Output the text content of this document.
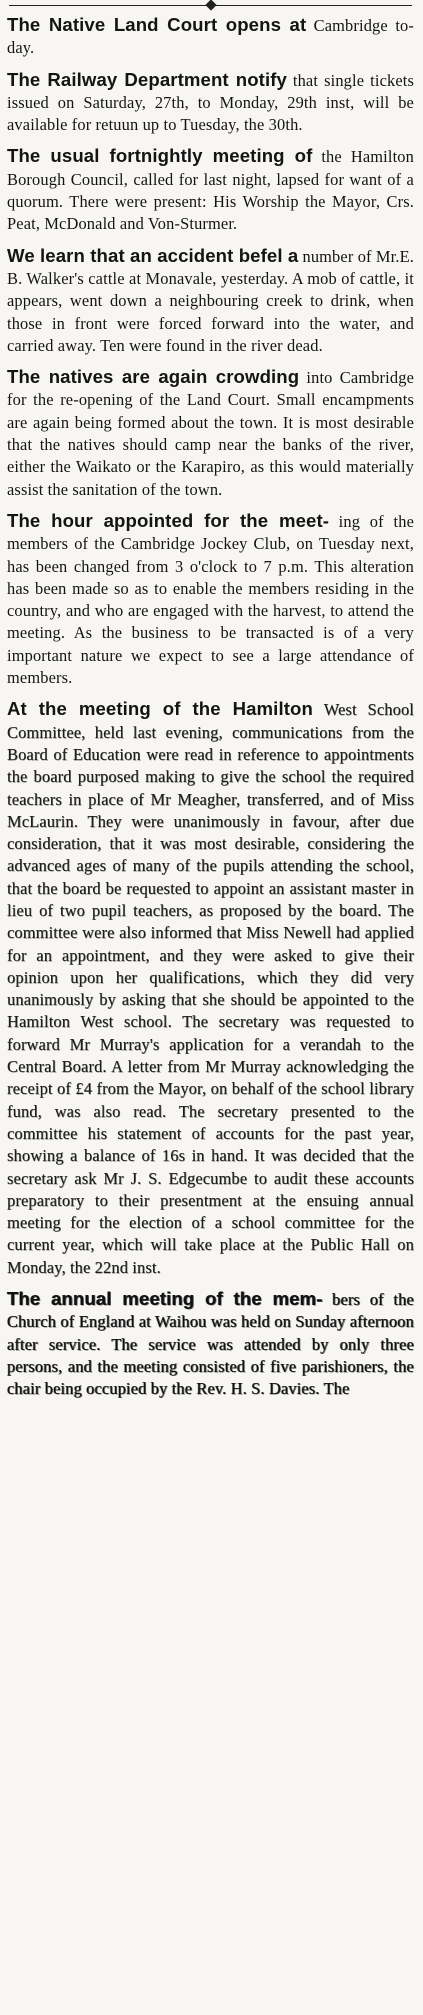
The Native Land Court opens at Cambridge to-day.

The Railway Department notify that single tickets issued on Saturday, 27th, to Monday, 29th inst, will be available for retuun up to Tuesday, the 30th.

The usual fortnightly meeting of the Hamilton Borough Council, called for last night, lapsed for want of a quorum. There were present: His Worship the Mayor, Crs. Peat, McDonald and Von-Sturmer.

We learn that an accident befel a number of Mr.E. B. Walker's cattle at Monavale, yesterday. A mob of cattle, it appears, went down a neighbouring creek to drink, when those in front were forced forward into the water, and carried away. Ten were found in the river dead.

The natives are again crowding into Cambridge for the re-opening of the Land Court. Small encampments are again being formed about the town. It is most desirable that the natives should camp near the banks of the river, either the Waikato or the Karapiro, as this would materially assist the sanitation of the town.

The hour appointed for the meet- ing of the members of the Cambridge Jockey Club, on Tuesday next, has been changed from 3 o'clock to 7 p.m. This alteration has been made so as to enable the members residing in the country, and who are engaged with the harvest, to attend the meeting. As the business to be transacted is of a very important nature we expect to see a large attendance of members.

At the meeting of the Hamilton West School Committee, held last evening, communications from the Board of Education were read in reference to appointments the board purposed making to give the school the required teachers in place of Mr Meagher, transferred, and of Miss McLaurin. They were unanimously in favour, after due consideration, that it was most desirable, considering the advanced ages of many of the pupils attending the school, that the board be requested to appoint an assistant master in lieu of two pupil teachers, as proposed by the board. The committee were also informed that Miss Newell had applied for an appointment, and they were asked to give their opinion upon her qualifications, which they did very unanimously by asking that she should be appointed to the Hamilton West school. The secretary was requested to forward Mr Murray's application for a verandah to the Central Board. A letter from Mr Murray acknowledging the receipt of £4 from the Mayor, on behalf of the school library fund, was also read. The secretary presented to the committee his statement of accounts for the past year, showing a balance of 16s in hand. It was decided that the secretary ask Mr J. S. Edgecumbe to audit these accounts preparatory to their presentment at the ensuing annual meeting for the election of a school committee for the current year, which will take place at the Public Hall on Monday, the 22nd inst.

The annual meeting of the mem- bers of the Church of England at Waihou was held on Sunday afternoon after service. The service was attended by only three persons, and the meeting consisted of five parishioners, the chair being occupied by the Rev. H. S. Davies. The
